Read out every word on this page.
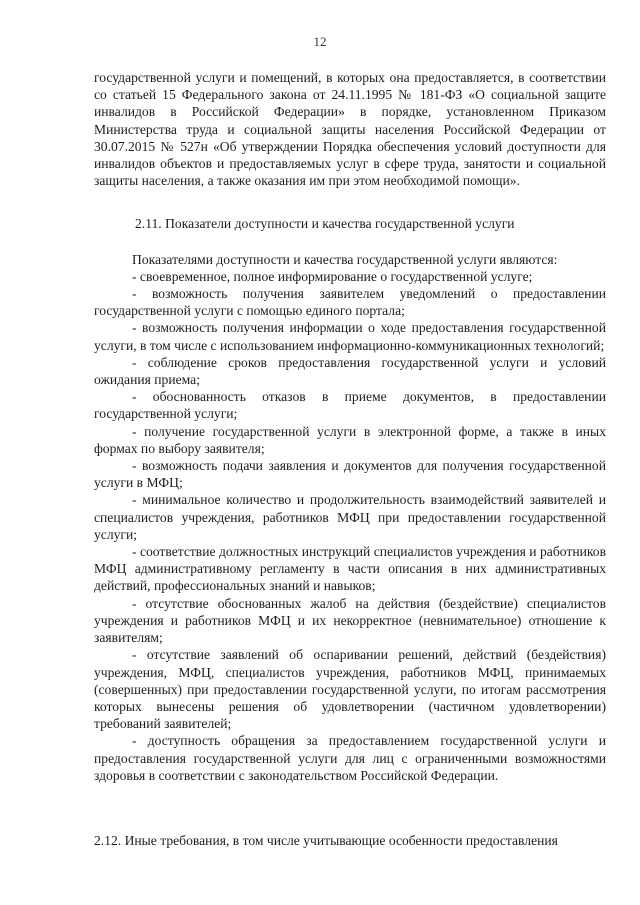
12

государственной услуги и помещений, в которых она предоставляется, в соответствии со статьей 15 Федерального закона от 24.11.1995 № 181-ФЗ «О социальной защите инвалидов в Российской Федерации» в порядке, установленном Приказом Министерства труда и социальной защиты населения Российской Федерации от 30.07.2015 № 527н «Об утверждении Порядка обеспечения условий доступности для инвалидов объектов и предоставляемых услуг в сфере труда, занятости и социальной защиты населения, а также оказания им при этом необходимой помощи».

2.11. Показатели доступности и качества государственной услуги

Показателями доступности и качества государственной услуги являются:

- своевременное, полное информирование о государственной услуге;

- возможность получения заявителем уведомлений о предоставлении государственной услуги с помощью единого портала;

- возможность получения информации о ходе предоставления государственной услуги, в том числе с использованием информационно-коммуникационных технологий;

- соблюдение сроков предоставления государственной услуги и условий ожидания приема;

- обоснованность отказов в приеме документов, в предоставлении государственной услуги;

- получение государственной услуги в электронной форме, а также в иных формах по выбору заявителя;

- возможность подачи заявления и документов для получения государственной услуги в МФЦ;

- минимальное количество и продолжительность взаимодействий заявителей и специалистов учреждения, работников МФЦ при предоставлении государственной услуги;

- соответствие должностных инструкций специалистов учреждения и работников МФЦ административному регламенту в части описания в них административных действий, профессиональных знаний и навыков;

- отсутствие обоснованных жалоб на действия (бездействие) специалистов учреждения и работников МФЦ и их некорректное (невнимательное) отношение к заявителям;

- отсутствие заявлений об оспаривании решений, действий (бездействия) учреждения, МФЦ, специалистов учреждения, работников МФЦ, принимаемых (совершенных) при предоставлении государственной услуги, по итогам рассмотрения которых вынесены решения об удовлетворении (частичном удовлетворении) требований заявителей;

- доступность обращения за предоставлением государственной услуги и предоставления государственной услуги для лиц с ограниченными возможностями здоровья в соответствии с законодательством Российской Федерации.

2.12. Иные требования, в том числе учитывающие особенности предоставления
